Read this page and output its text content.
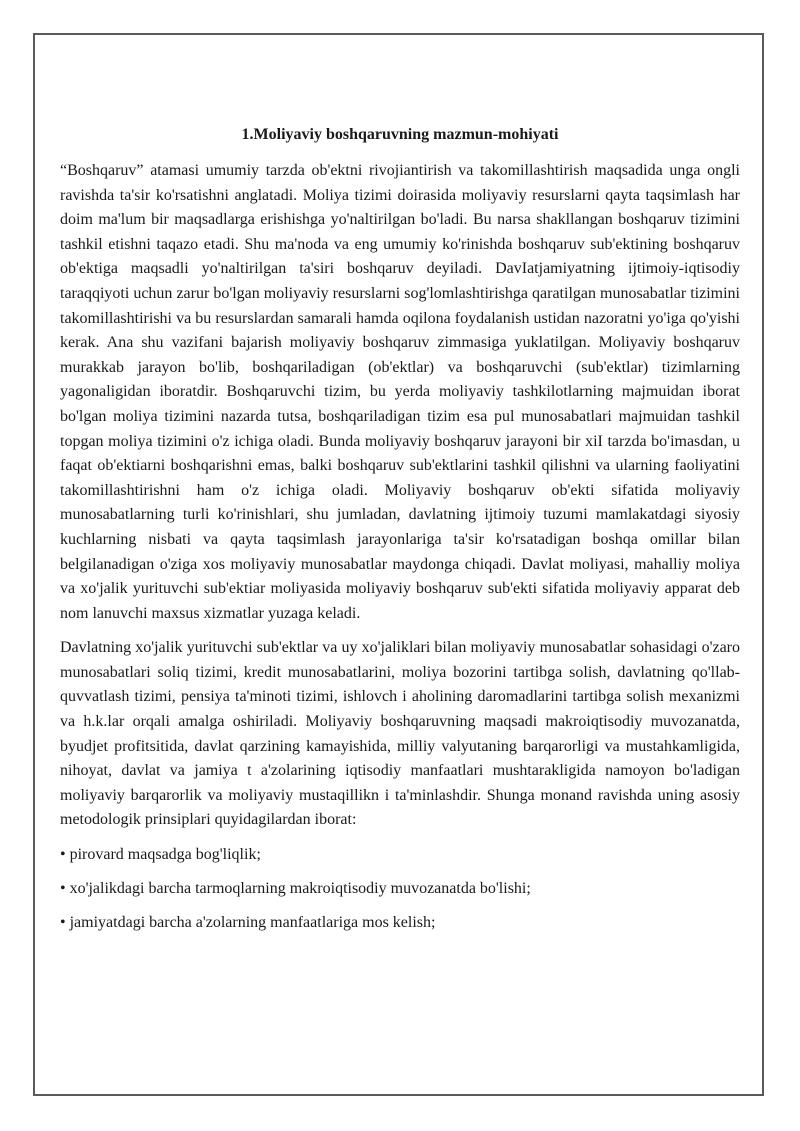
1.Moliyaviy boshqaruvning mazmun-mohiyati

“Boshqaruv” atamasi umumiy tarzda ob'ektni rivojiantirish va takomillashtirish maqsadida unga ongli ravishda ta'sir ko'rsatishni anglatadi. Moliya tizimi doirasida moliyaviy resurslarni qayta taqsimlash har doim ma'lum bir maqsadlarga erishishga yo'naltirilgan bo'ladi. Bu narsa shakllangan boshqaruv tizimini tashkil etishni taqazo etadi. Shu ma'noda va eng umumiy ko'rinishda boshqaruv sub'ektining boshqaruv ob'ektiga maqsadli yo'naltirilgan ta'siri boshqaruv deyiladi. DavIatjamiyatning ijtimoiy-iqtisodiy taraqqiyoti uchun zarur bo'lgan moliyaviy resurslarni sog'lomlashtirishga qaratilgan munosabatlar tizimini takomillashtirishi va bu resurslardan samarali hamda oqilona foydalanish ustidan nazoratni yo'iga qo'yishi kerak. Ana shu vazifani bajarish moliyaviy boshqaruv zimmasiga yuklatilgan. Moliyaviy boshqaruv murakkab jarayon bo'lib, boshqariladigan (ob'ektlar) va boshqaruvchi (sub'ektlar) tizimlarning yagonaligidan iboratdir. Boshqaruvchi tizim, bu yerda moliyaviy tashkilotlarning majmuidan iborat bo'lgan moliya tizimini nazarda tutsa, boshqariladigan tizim esa pul munosabatlari majmuidan tashkil topgan moliya tizimini o'z ichiga oladi. Bunda moliyaviy boshqaruv jarayoni bir xiI tarzda bo'imasdan, u faqat ob'ektiarni boshqarishni emas, balki boshqaruv sub'ektlarini tashkil qilishni va ularning faoliyatini takomillashtirishni ham o'z ichiga oladi. Moliyaviy boshqaruv ob'ekti sifatida moliyaviy munosabatlarning turli ko'rinishlari, shu jumladan, davlatning ijtimoiy tuzumi mamlakatdagi siyosiy kuchlarning nisbati va qayta taqsimlash jarayonlariga ta'sir ko'rsatadigan boshqa omillar bilan belgilanadigan o'ziga xos moliyaviy munosabatlar maydonga chiqadi. Davlat moliyasi, mahalliy moliya va xo'jalik yurituvchi sub'ektiar moliyasida moliyaviy boshqaruv sub'ekti sifatida moliyaviy apparat deb nom lanuvchi maxsus xizmatlar yuzaga keladi.

Davlatning xo'jalik yurituvchi sub'ektlar va uy xo'jaliklari bilan moliyaviy munosabatlar sohasidagi o'zaro munosabatlari soliq tizimi, kredit munosabatlarini, moliya bozorini tartibga solish, davlatning qo'llab-quvvatlash tizimi, pensiya ta'minoti tizimi, ishlovch i aholining daromadlarini tartibga solish mexanizmi va h.k.lar orqali amalga oshiriladi. Moliyaviy boshqaruvning maqsadi makroiqtisodiy muvozanatda, byudjet profitsitida, davlat qarzining kamayishida, milliy valyutaning barqarorligi va mustahkamligida, nihoyat, davlat va jamiya t a'zolarining iqtisodiy manfaatlari mushtarakligida namoyon bo'ladigan moliyaviy barqarorlik va moliyaviy mustaqillikn i ta'minlashdir. Shunga monand ravishda uning asosiy metodologik prinsiplari quyidagilardan iborat:

• pirovard maqsadga bog'liqlik;

• xo'jalikdagi barcha tarmoqlarning makroiqtisodiy muvozanatda bo'lishi;

• jamiyatdagi barcha a'zolarning manfaatlariga mos kelish;
